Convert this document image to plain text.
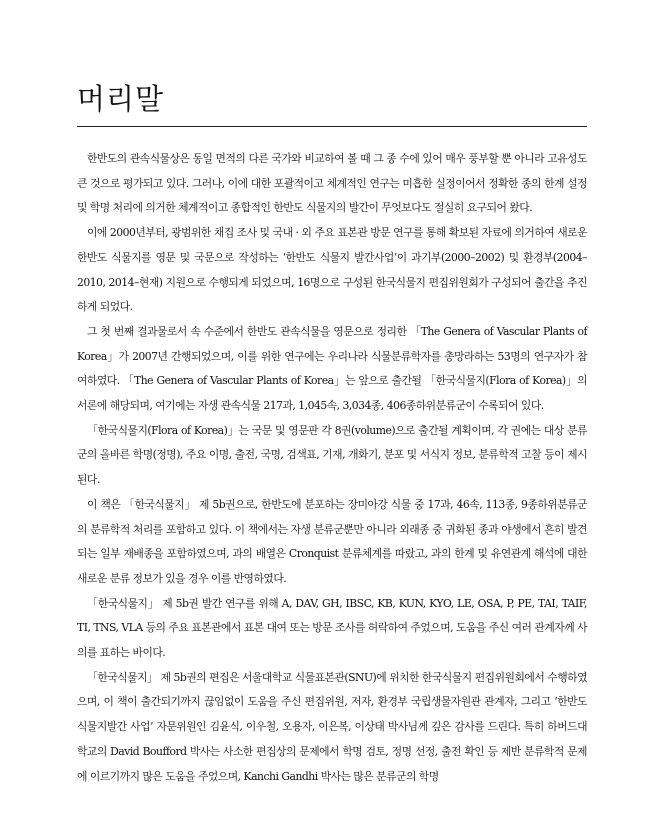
머리말

한반도의 관속식물상은 동일 면적의 다른 국가와 비교하여 볼 때 그 종 수에 있어 매우 풍부할 뿐 아니라 고유성도 큰 것으로 평가되고 있다. 그러나, 이에 대한 포괄적이고 체계적인 연구는 미흡한 실정이어서 정확한 종의 한계 설정 및 학명 처리에 의거한 체계적이고 종합적인 한반도 식물지의 발간이 무엇보다도 절실히 요구되어 왔다.

이에 2000년부터, 광범위한 채집 조사 및 국내 · 외 주요 표본관 방문 연구를 통해 확보된 자료에 의거하여 새로운 한반도 식물지를 영문 및 국문으로 작성하는 ‘한반도 식물지 발간사업’이 과기부(2000–2002) 및 환경부(2004–2010, 2014–현재) 지원으로 수행되게 되었으며, 16명으로 구성된 한국식물지 편집위원회가 구성되어 출간을 추진하게 되었다.

그 첫 번째 결과물로서 속 수준에서 한반도 관속식물을 영문으로 정리한 「The Genera of Vascular Plants of Korea」가 2007년 간행되었으며, 이를 위한 연구에는 우리나라 식물분류학자를 총망라하는 53명의 연구자가 참여하였다. 「The Genera of Vascular Plants of Korea」는 앞으로 출간될 「한국식물지(Flora of Korea)」의 서론에 해당되며, 여기에는 자생 관속식물 217과, 1,045속, 3,034종, 406종하위분류군이 수록되어 있다.

「한국식물지(Flora of Korea)」는 국문 및 영문판 각 8권(volume)으로 출간될 계획이며, 각 권에는 대상 분류군의 올바른 학명(정명), 주요 이명, 출전, 국명, 검색표, 기재, 개화기, 분포 및 서식지 정보, 분류학적 고찰 등이 제시된다.

이 책은 「한국식물지」 제 5b권으로, 한반도에 분포하는 장미아강 식물 중 17과, 46속, 113종, 9종하위분류군의 분류학적 처리를 포함하고 있다. 이 책에서는 자생 분류군뿐만 아니라 외래종 중 귀화된 종과 야생에서 흔히 발견되는 일부 재배종을 포함하였으며, 과의 배열은 Cronquist 분류체계를 따랐고, 과의 한계 및 유연관계 해석에 대한 새로운 분류 정보가 있을 경우 이를 반영하였다.

「한국식물지」 제 5b권 발간 연구를 위해 A, DAV, GH, IBSC, KB, KUN, KYO, LE, OSA, P, PE, TAI, TAIF, TI, TNS, VLA 등의 주요 표본관에서 표본 대여 또는 방문 조사를 허락하여 주었으며, 도움을 주신 여러 관계자께 사의를 표하는 바이다.

「한국식물지」 제 5b권의 편집은 서울대학교 식물표본관(SNU)에 위치한 한국식물지 편집위원회에서 수행하였으며, 이 책이 출간되기까지 끊임없이 도움을 주신 편집위원, 저자, 환경부 국립생물자원관 관계자, 그리고 ‘한반도 식물지발간 사업’ 자문위원인 김윤식, 이우철, 오용자, 이은복, 이상태 박사님께 깊은 감사를 드린다. 특히 하버드대학교의 David Boufford 박사는 사소한 편집상의 문제에서 학명 검토, 정명 선정, 출전 확인 등 제반 분류학적 문제에 이르기까지 많은 도움을 주었으며, Kanchi Gandhi 박사는 많은 분류군의 학명
